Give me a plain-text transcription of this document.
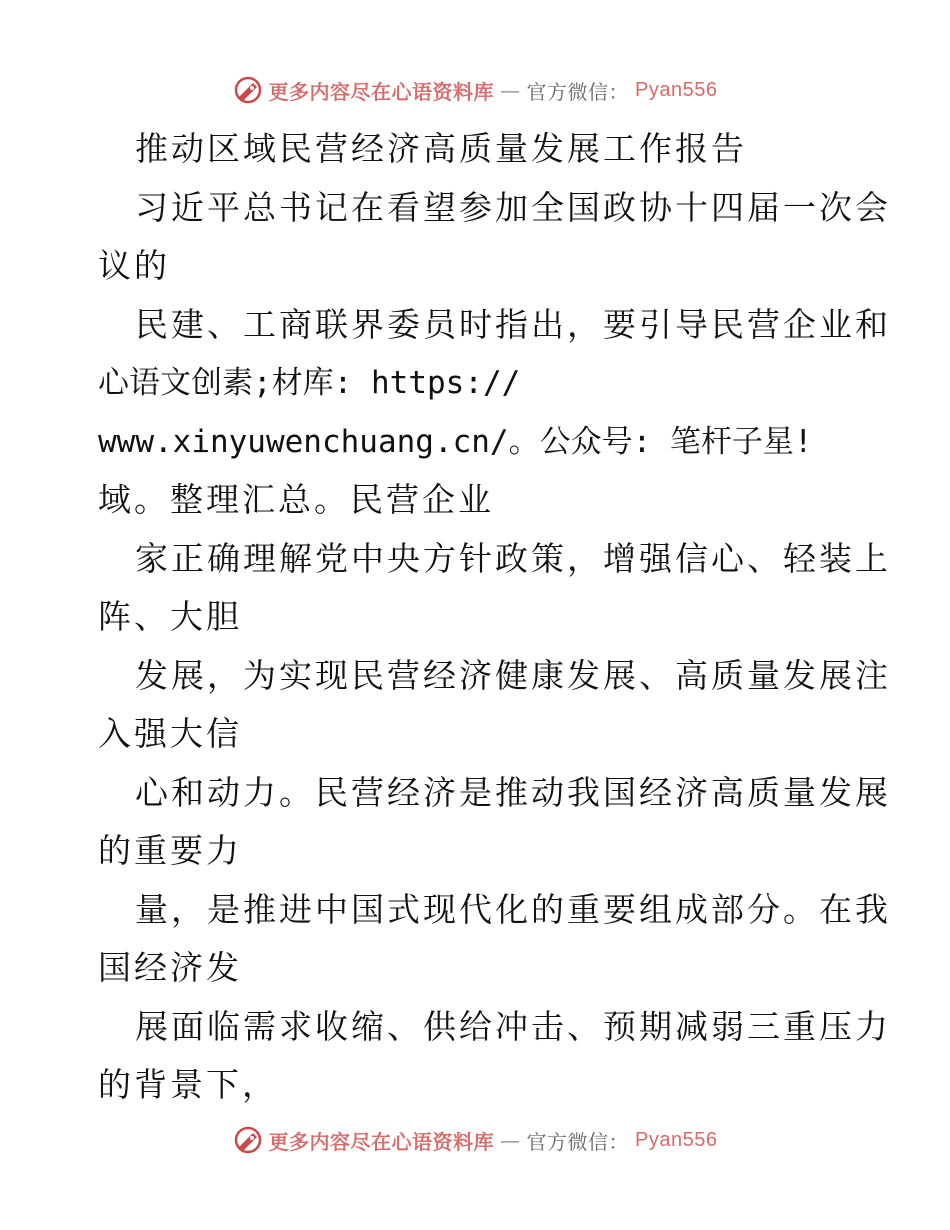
更多内容尽在心语资料库 — 官方微信： Pyan556
推动区域民营经济高质量发展工作报告
习近平总书记在看望参加全国政协十四届一次会
议的
民建、工商联界委员时指出，要引导民营企业和
心语文创素;材库: https://
www.xinyuwenchuang.cn/。公众号: 笔杆子星!
域。整理汇总。民营企业
家正确理解党中央方针政策，增强信心、轻装上
阵、大胆
发展，为实现民营经济健康发展、高质量发展注
入强大信
心和动力。民营经济是推动我国经济高质量发展
的重要力
量，是推进中国式现代化的重要组成部分。在我
国经济发
展面临需求收缩、供给冲击、预期减弱三重压力
的背景下，
更多内容尽在心语资料库 — 官方微信： Pyan556
